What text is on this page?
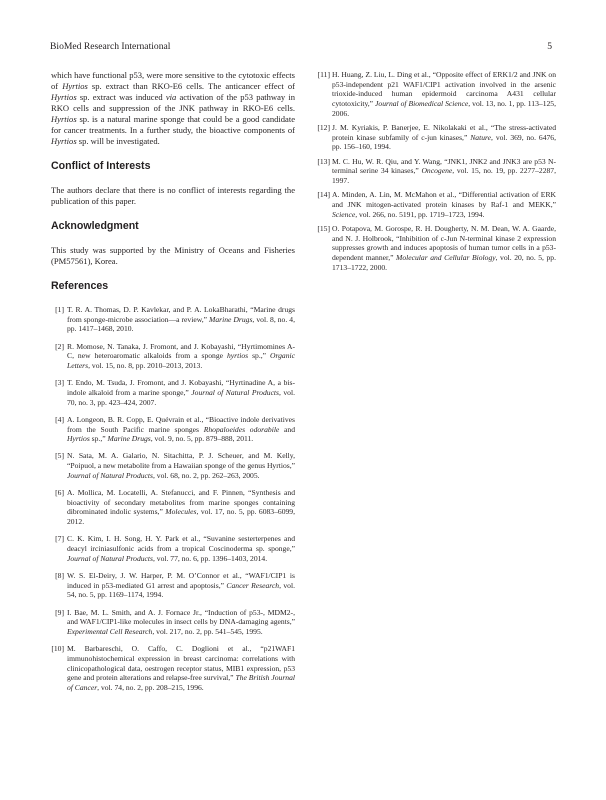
BioMed Research International	5

which have functional p53, were more sensitive to the cytotoxic effects of Hyrtios sp. extract than RKO-E6 cells. The anticancer effect of Hyrtios sp. extract was induced via activation of the p53 pathway in RKO cells and suppression of the JNK pathway in RKO-E6 cells. Hyrtios sp. is a natural marine sponge that could be a good candidate for cancer treatments. In a further study, the bioactive components of Hyrtios sp. will be investigated.

Conflict of Interests

The authors declare that there is no conflict of interests regarding the publication of this paper.

Acknowledgment

This study was supported by the Ministry of Oceans and Fisheries (PM57561), Korea.

References
[1] T. R. A. Thomas, D. P. Kavlekar, and P. A. LokaBharathi, “Marine drugs from sponge-microbe association—a review,” Marine Drugs, vol. 8, no. 4, pp. 1417–1468, 2010.
[2] R. Momose, N. Tanaka, J. Fromont, and J. Kobayashi, “Hyrtimomines A-C, new heteroaromatic alkaloids from a sponge hyrtios sp.,” Organic Letters, vol. 15, no. 8, pp. 2010–2013, 2013.
[3] T. Endo, M. Tsuda, J. Fromont, and J. Kobayashi, “Hyrtinadine A, a bis-indole alkaloid from a marine sponge,” Journal of Natural Products, vol. 70, no. 3, pp. 423–424, 2007.
[4] A. Longeon, B. R. Copp, E. Quévrain et al., “Bioactive indole derivatives from the South Pacific marine sponges Rhopaloeides odorabile and Hyrtios sp.,” Marine Drugs, vol. 9, no. 5, pp. 879–888, 2011.
[5] N. Sata, M. A. Galario, N. Sitachitta, P. J. Scheuer, and M. Kelly, “Poipuol, a new metabolite from a Hawaiian sponge of the genus Hyrtios,” Journal of Natural Products, vol. 68, no. 2, pp. 262–263, 2005.
[6] A. Mollica, M. Locatelli, A. Stefanucci, and F. Pinnen, “Synthesis and bioactivity of secondary metabolites from marine sponges containing dibrominated indolic systems,” Molecules, vol. 17, no. 5, pp. 6083–6099, 2012.
[7] C. K. Kim, I. H. Song, H. Y. Park et al., “Suvanine sesterterpenes and deacyl irciniasulfonic acids from a tropical Coscinoderma sp. sponge,” Journal of Natural Products, vol. 77, no. 6, pp. 1396–1403, 2014.
[8] W. S. El-Deiry, J. W. Harper, P. M. O’Connor et al., “WAF1/CIP1 is induced in p53-mediated G1 arrest and apoptosis,” Cancer Research, vol. 54, no. 5, pp. 1169–1174, 1994.
[9] I. Bae, M. L. Smith, and A. J. Fornace Jr., “Induction of p53-, MDM2-, and WAF1/CIP1-like molecules in insect cells by DNA-damaging agents,” Experimental Cell Research, vol. 217, no. 2, pp. 541–545, 1995.
[10] M. Barbareschi, O. Caffo, C. Doglioni et al., “p21WAF1 immunohistochemical expression in breast carcinoma: correlations with clinicopathological data, oestrogen receptor status, MIB1 expression, p53 gene and protein alterations and relapse-free survival,” The British Journal of Cancer, vol. 74, no. 2, pp. 208–215, 1996.
[11] H. Huang, Z. Liu, L. Ding et al., “Opposite effect of ERK1/2 and JNK on p53-independent p21 WAF1/CIP1 activation involved in the arsenic trioxide-induced human epidermoid carcinoma A431 cellular cytotoxicity,” Journal of Biomedical Science, vol. 13, no. 1, pp. 113–125, 2006.
[12] J. M. Kyriakis, P. Banerjee, E. Nikolakaki et al., “The stress-activated protein kinase subfamily of c-jun kinases,” Nature, vol. 369, no. 6476, pp. 156–160, 1994.
[13] M. C. Hu, W. R. Qiu, and Y. Wang, “JNK1, JNK2 and JNK3 are p53 N-terminal serine 34 kinases,” Oncogene, vol. 15, no. 19, pp. 2277–2287, 1997.
[14] A. Minden, A. Lin, M. McMahon et al., “Differential activation of ERK and JNK mitogen-activated protein kinases by Raf-1 and MEKK,” Science, vol. 266, no. 5191, pp. 1719–1723, 1994.
[15] O. Potapova, M. Gorospe, R. H. Dougherty, N. M. Dean, W. A. Gaarde, and N. J. Holbrook, “Inhibition of c-Jun N-terminal kinase 2 expression suppresses growth and induces apoptosis of human tumor cells in a p53-dependent manner,” Molecular and Cellular Biology, vol. 20, no. 5, pp. 1713–1722, 2000.
